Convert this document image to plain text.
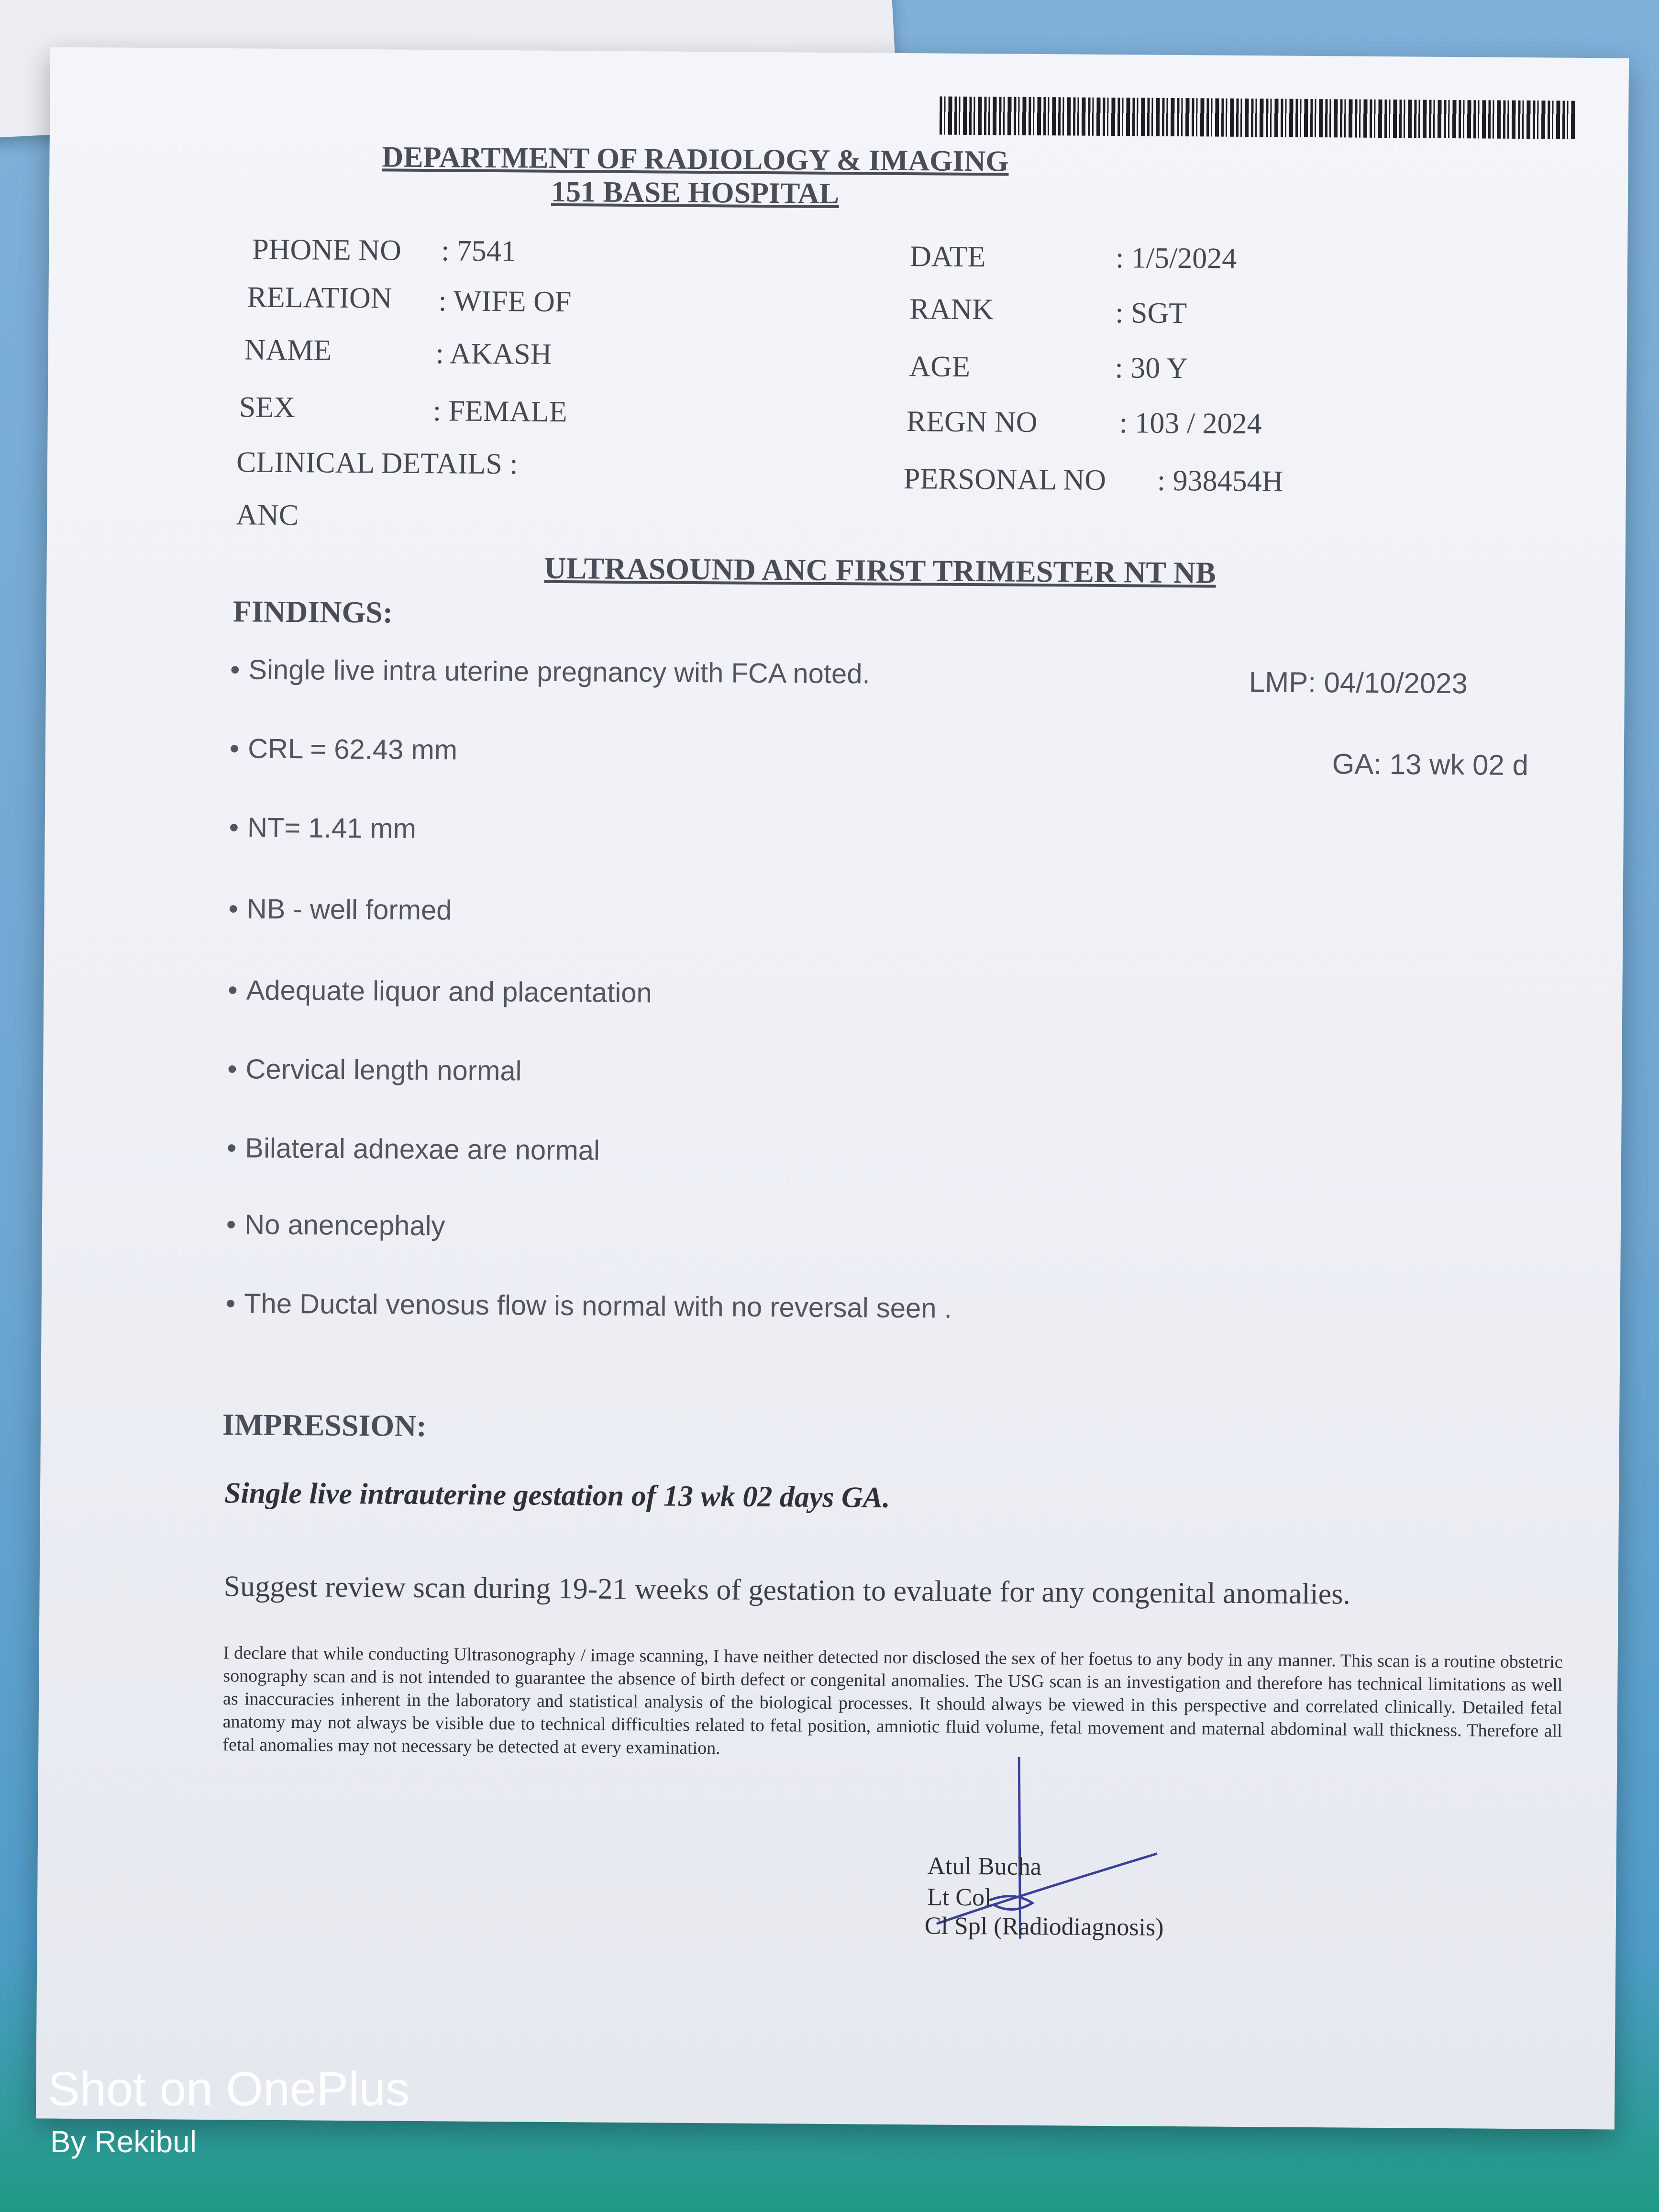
DEPARTMENT OF RADIOLOGY & IMAGING
151 BASE HOSPITAL
PHONE NO : 7541
RELATION : WIFE OF
NAME	: AKASH
SEX	: FEMALE
CLINICAL DETAILS :
ANC
DATE	: 1/5/2024
RANK	: SGT
AGE	: 30 Y
REGN NO	: 103 / 2024
PERSONAL NO : 938454H
ULTRASOUND ANC FIRST TRIMESTER NT NB
FINDINGS:
• Single live intra uterine pregnancy with FCA noted.
• CRL = 62.43 mm
• NT= 1.41 mm
• NB - well formed
• Adequate liquor and placentation
• Cervical length normal
• Bilateral adnexae are normal
• No anencephaly
• The Ductal venosus flow is normal with no reversal seen .
LMP: 04/10/2023
GA: 13 wk 02 d
IMPRESSION:
Single live intrauterine gestation of 13 wk 02 days GA.
Suggest review scan during 19-21 weeks of gestation to evaluate for any congenital anomalies.
I declare that while conducting Ultrasonography / image scanning, I have neither detected nor disclosed the sex of her foetus to any body in any manner. This scan is a routine obstetric sonography scan and is not intended to guarantee the absence of birth defect or congenital anomalies. The USG scan is an investigation and therefore has technical limitations as well as inaccuracies inherent in the laboratory and statistical analysis of the biological processes. It should always be viewed in this perspective and correlated clinically. Detailed fetal anatomy may not always be visible due to technical difficulties related to fetal position, amniotic fluid volume, fetal movement and maternal abdominal wall thickness. Therefore all fetal anomalies may not necessary be detected at every examination.
Atul Bucha
Lt Col
Cl Spl (Radiodiagnosis)
Shot on OnePlus
By Rekibul
